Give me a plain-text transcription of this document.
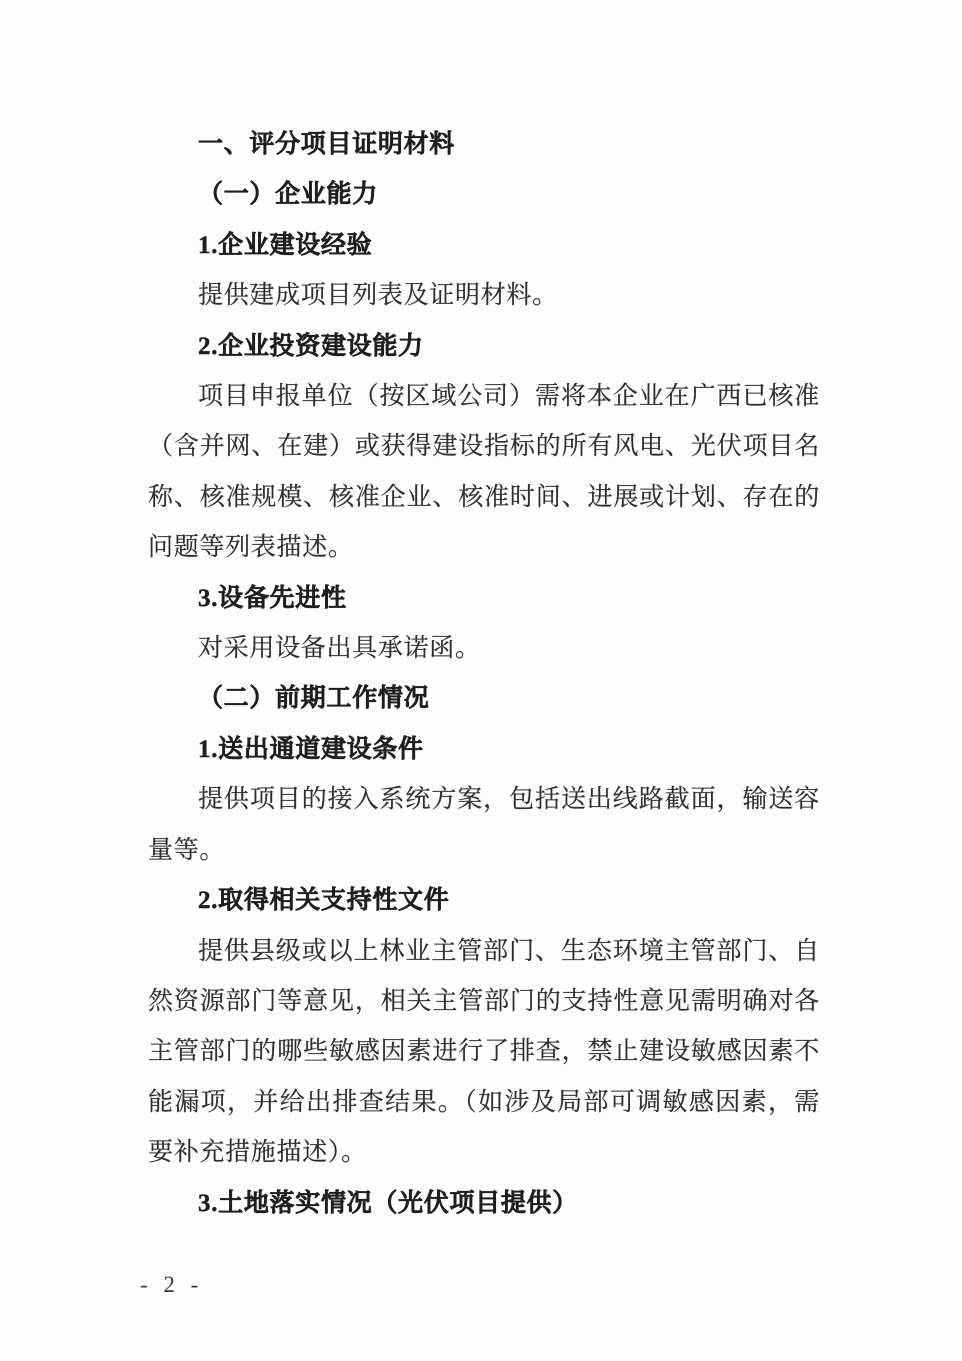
一、评分项目证明材料

（一）企业能力

1.企业建设经验

提供建成项目列表及证明材料。

2.企业投资建设能力

项目申报单位（按区域公司）需将本企业在广西已核准（含并网、在建）或获得建设指标的所有风电、光伏项目名称、核准规模、核准企业、核准时间、进展或计划、存在的问题等列表描述。

3.设备先进性

对采用设备出具承诺函。

（二）前期工作情况

1.送出通道建设条件

提供项目的接入系统方案，包括送出线路截面，输送容量等。

2.取得相关支持性文件

提供县级或以上林业主管部门、生态环境主管部门、自然资源部门等意见，相关主管部门的支持性意见需明确对各主管部门的哪些敏感因素进行了排查，禁止建设敏感因素不能漏项，并给出排查结果。（如涉及局部可调敏感因素，需要补充措施描述）。

3.土地落实情况（光伏项目提供）

- 2 -
